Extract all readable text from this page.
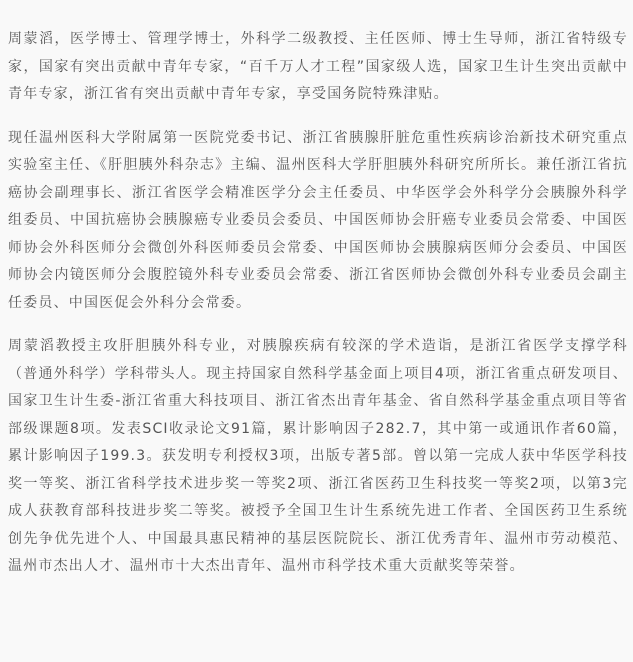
周蒙滔，医学博士、管理学博士，外科学二级教授、主任医师、博士生导师，浙江省特级专家，国家有突出贡献中青年专家，“百千万人才工程”国家级人选，国家卫生计生突出贡献中青年专家，浙江省有突出贡献中青年专家，享受国务院特殊津贴。

现任温州医科大学附属第一医院党委书记、浙江省胰腺肝脏危重性疾病诊治新技术研究重点实验室主任、《肝胆胰外科杂志》主编、温州医科大学肝胆胰外科研究所所长。兼任浙江省抗癌协会副理事长、浙江省医学会精准医学分会主任委员、中华医学会外科学分会胰腺外科学组委员、中国抗癌协会胰腺癌专业委员会委员、中国医师协会肝癌专业委员会常委、中国医师协会外科医师分会微创外科医师委员会常委、中国医师协会胰腺病医师分会委员、中国医师协会内镜医师分会腹腔镜外科专业委员会常委、浙江省医师协会微创外科专业委员会副主任委员、中国医促会外科分会常委。

周蒙滔教授主攻肝胆胰外科专业，对胰腺疾病有较深的学术造诣，是浙江省医学支撑学科（普通外科学）学科带头人。现主持国家自然科学基金面上项目4项，浙江省重点研发项目、国家卫生计生委-浙江省重大科技项目、浙江省杰出青年基金、省自然科学基金重点项目等省部级课题8项。发表SCI收录论文91篇，累计影响因子282.7，其中第一或通讯作者60篇，累计影响因子199.3。获发明专利授权3项，出版专著5部。曾以第一完成人获中华医学科技奖一等奖、浙江省科学技术进步奖一等奖2项、浙江省医药卫生科技奖一等奖2项，以第3完成人获教育部科技进步奖二等奖。被授予全国卫生计生系统先进工作者、全国医药卫生系统创先争优先进个人、中国最具惠民精神的基层医院院长、浙江优秀青年、温州市劳动模范、温州市杰出人才、温州市十大杰出青年、温州市科学技术重大贡献奖等荣誉。
